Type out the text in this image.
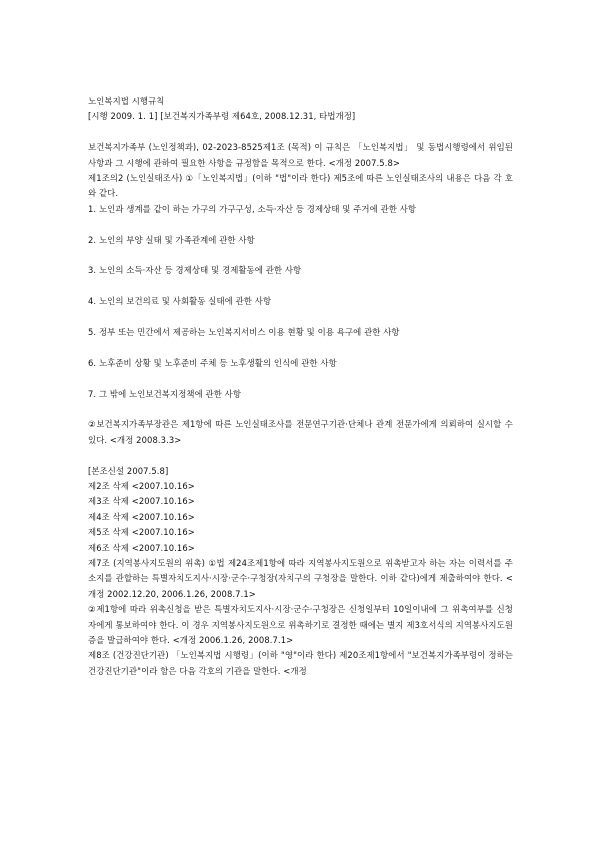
노인복지법 시행규칙

[시행 2009. 1. 1] [보건복지가족부령 제64호, 2008.12.31, 타법개정]

보건복지가족부 (노인정책과), 02-2023-8525제1조 (목적) 이 규칙은 「노인복지법」 및 동법시행령에서 위임된 사항과 그 시행에 관하여 필요한 사항을 규정함을 목적으로 한다. <개정 2007.5.8>

제1조의2 (노인실태조사) ①「노인복지법」(이하 "법"이라 한다) 제5조에 따른 노인실태조사의 내용은 다음 각 호와 같다.

1. 노인과 생계를 같이 하는 가구의 가구구성, 소득·자산 등 경제상태 및 주거에 관한 사항

2. 노인의 부양 실태 및 가족관계에 관한 사항

3. 노인의 소득·자산 등 경제상태 및 경제활동에 관한 사항

4. 노인의 보건의료 및 사회활동 실태에 관한 사항

5. 정부 또는 민간에서 제공하는 노인복지서비스 이용 현황 및 이용 욕구에 관한 사항

6. 노후준비 상황 및 노후준비 주체 등 노후생활의 인식에 관한 사항

7. 그 밖에 노인보건복지정책에 관한 사항

②보건복지가족부장관은 제1항에 따른 노인실태조사를 전문연구기관·단체나 관계 전문가에게 의뢰하여 실시할 수 있다. <개정 2008.3.3>

[본조신설 2007.5.8]

제2조 삭제 <2007.10.16>

제3조 삭제 <2007.10.16>

제4조 삭제 <2007.10.16>

제5조 삭제 <2007.10.16>

제6조 삭제 <2007.10.16>

제7조 (지역봉사지도원의 위촉) ①법 제24조제1항에 따라 지역봉사지도원으로 위촉받고자 하는 자는 이력서를 주소지를 관할하는 특별자치도지사·시장·군수·구청장(자치구의 구청장을 말한다. 이하 같다)에게 제출하여야 한다. <개정 2002.12.20, 2006.1.26, 2008.7.1>

②제1항에 따라 위촉신청을 받은 특별자치도지사·시장·군수·구청장은 신청일부터 10일이내에 그 위촉여부를 신청자에게 통보하여야 한다. 이 경우 지역봉사지도원으로 위촉하기로 결정한 때에는 별지 제3호서식의 지역봉사지도원증을 발급하여야 한다. <개정 2006.1.26, 2008.7.1>

제8조 (건강진단기관) 「노인복지법 시행령」(이하 "영"이라 한다) 제20조제1항에서 "보건복지가족부령이 정하는 건강진단기관"이라 함은 다음 각호의 기관을 말한다. <개정
